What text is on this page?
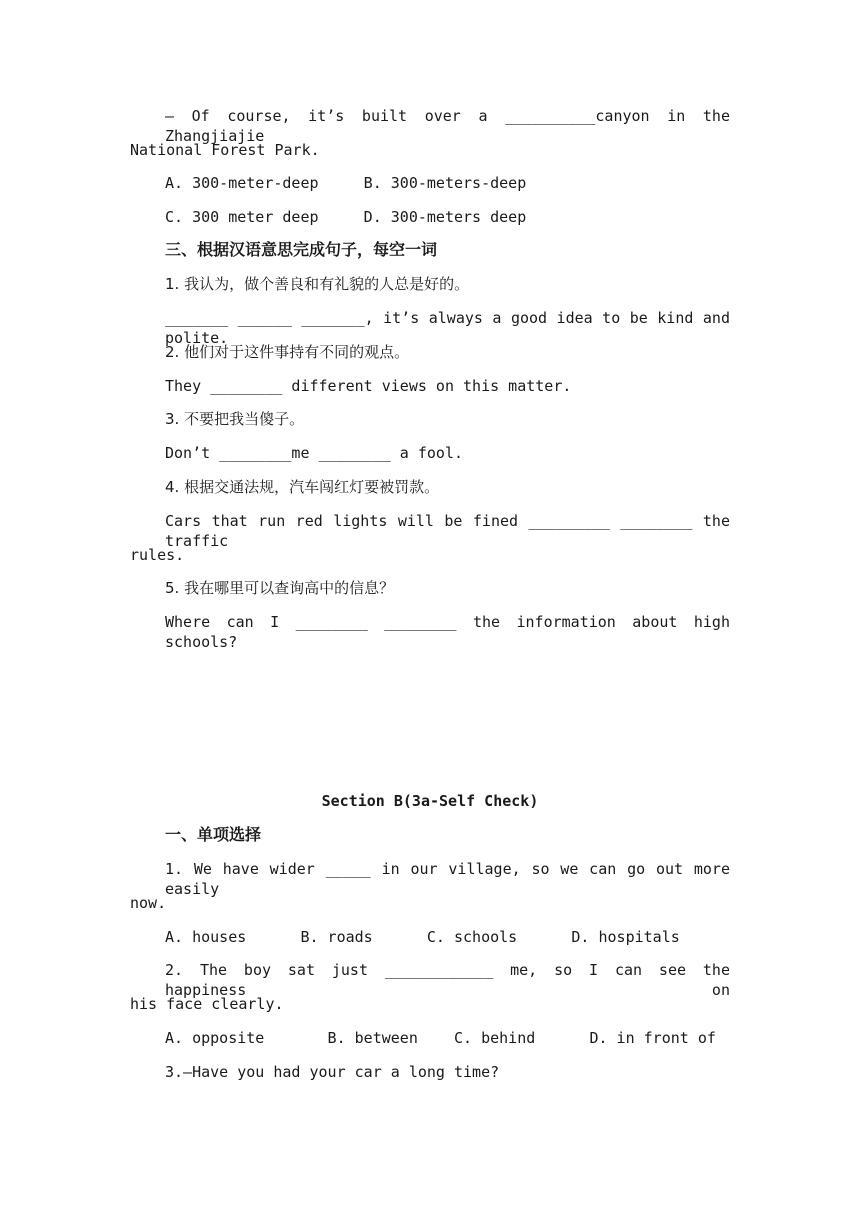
— Of course, it’s built over a __________canyon in the Zhangjiajie
National Forest Park.
A. 300-meter-deep     B. 300-meters-deep
C. 300 meter deep     D. 300-meters deep
三、根据汉语意思完成句子，每空一词
1. 我认为，做个善良和有礼貌的人总是好的。
_______ ______ _______, it’s always a good idea to be kind and polite.
2. 他们对于这件事持有不同的观点。
They ________ different views on this matter.
3. 不要把我当傻子。
Don’t ________me ________ a fool.
4. 根据交通法规，汽车闯红灯要被罚款。
Cars that run red lights will be fined _________ ________ the traffic
rules.
5. 我在哪里可以查询高中的信息？
Where can I ________ ________ the information about high schools?
Section B(3a-Self Check)
一、单项选择
1. We have wider _____ in our village, so we can go out more easily
now.
A. houses      B. roads      C. schools      D. hospitals
2. The boy sat just ____________ me, so I can see the happiness on
his face clearly.
A. opposite       B. between    C. behind      D. in front of
3.—Have you had your car a long time?
